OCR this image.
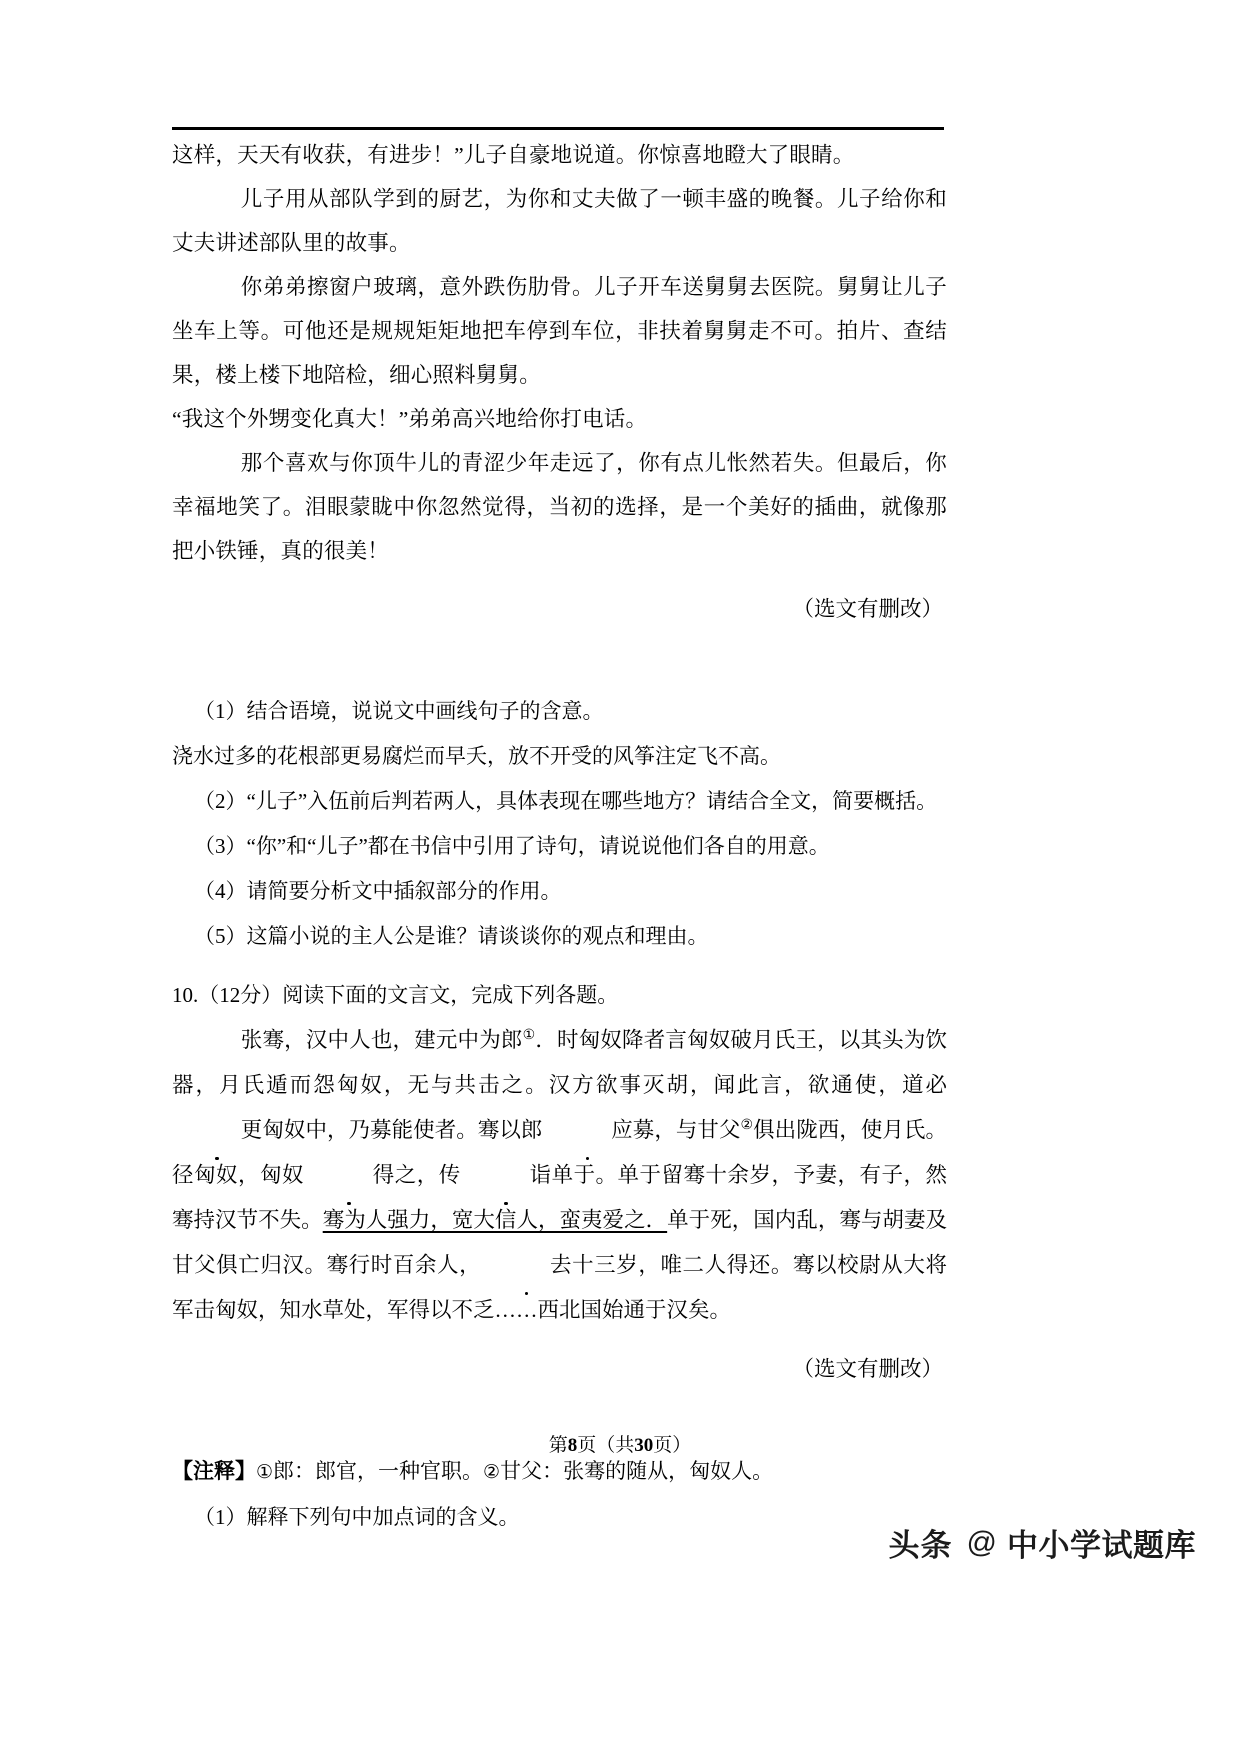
这样，天天有收获，有进步！”儿子自豪地说道。你惊喜地瞪大了眼睛。

儿子用从部队学到的厨艺，为你和丈夫做了一顿丰盛的晚餐。儿子给你和丈夫讲述部队里的故事。

你弟弟擦窗户玻璃，意外跌伤肋骨。儿子开车送舅舅去医院。舅舅让儿子坐车上等。可他还是规规矩矩地把车停到车位，非扶着舅舅走不可。拍片、查结果，楼上楼下地陪检，细心照料舅舅。

“我这个外甥变化真大！”弟弟高兴地给你打电话。

那个喜欢与你顶牛儿的青涩少年走远了，你有点儿怅然若失。但最后，你幸福地笑了。泪眼蒙眬中你忽然觉得，当初的选择，是一个美好的插曲，就像那把小铁锤，真的很美！

（选文有删改）

（1）结合语境，说说文中画线句子的含意。

浇水过多的花根部更易腐烂而早夭，放不开受的风筝注定飞不高。

（2）“儿子”入伍前后判若两人，具体表现在哪些地方？请结合全文，简要概括。

（3）“你”和“儿子”都在书信中引用了诗句，请说说他们各自的用意。

（4）请简要分析文中插叙部分的作用。

（5）这篇小说的主人公是谁？请谈谈你的观点和理由。

10.（12分）阅读下面的文言文，完成下列各题。

张骞，汉中人也，建元中为郎①．时匈奴降者言匈奴破月氏王，以其头为饮器，月氏遁而怨匈奴，无与共击之。汉方欲事灭胡，闻此言，欲通使，道必更匈奴中，乃募能使者。骞以郎	应募，与甘父②俱出陇西，使月氏。径匈奴，匈奴	得之，传	诣单于。单于留骞十余岁，予妻，有子，然骞持汉节不失。骞为人强力，宽大信人，蛮夷爱之．单于死，国内乱，骞与胡妻及甘父俱亡归汉。骞行时百余人，	去十三岁，唯二人得还。骞以校尉从大将军击匈奴，知水草处，军得以不乏……西北国始通于汉矣。

（选文有删改）

【注释】①郎：郎官，一种官职。②甘父：张骞的随从，匈奴人。

（1）解释下列句中加点词的含义。

第8页（共30页）
头条 @ 中小学试题库
